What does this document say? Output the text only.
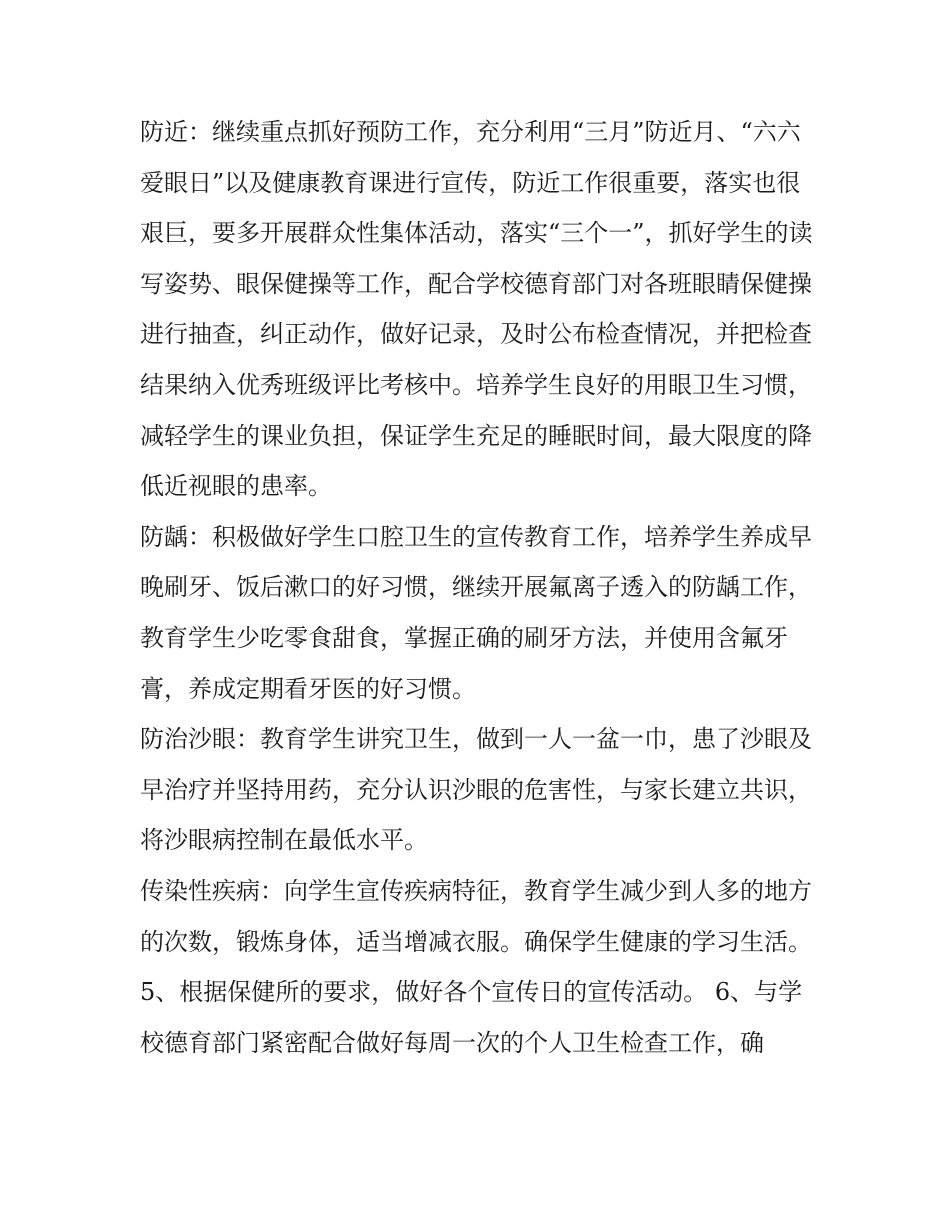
防近：继续重点抓好预防工作，充分利用“三月”防近月、“六六爱眼日”以及健康教育课进行宣传，防近工作很重要，落实也很艰巨，要多开展群众性集体活动，落实“三个一”，抓好学生的读写姿势、眼保健操等工作，配合学校德育部门对各班眼睛保健操进行抽查，纠正动作，做好记录，及时公布检查情况，并把检查结果纳入优秀班级评比考核中。培养学生良好的用眼卫生习惯，减轻学生的课业负担，保证学生充足的睡眠时间，最大限度的降低近视眼的患率。

防龋：积极做好学生口腔卫生的宣传教育工作，培养学生养成早晚刷牙、饭后漱口的好习惯，继续开展氟离子透入的防龋工作，教育学生少吃零食甜食，掌握正确的刷牙方法，并使用含氟牙膏，养成定期看牙医的好习惯。

防治沙眼：教育学生讲究卫生，做到一人一盆一巾，患了沙眼及早治疗并坚持用药，充分认识沙眼的危害性，与家长建立共识，将沙眼病控制在最低水平。

传染性疾病：向学生宣传疾病特征，教育学生减少到人多的地方的次数，锻炼身体，适当增减衣服。确保学生健康的学习生活。

5、根据保健所的要求，做好各个宣传日的宣传活动。 6、与学校德育部门紧密配合做好每周一次的个人卫生检查工作，确
